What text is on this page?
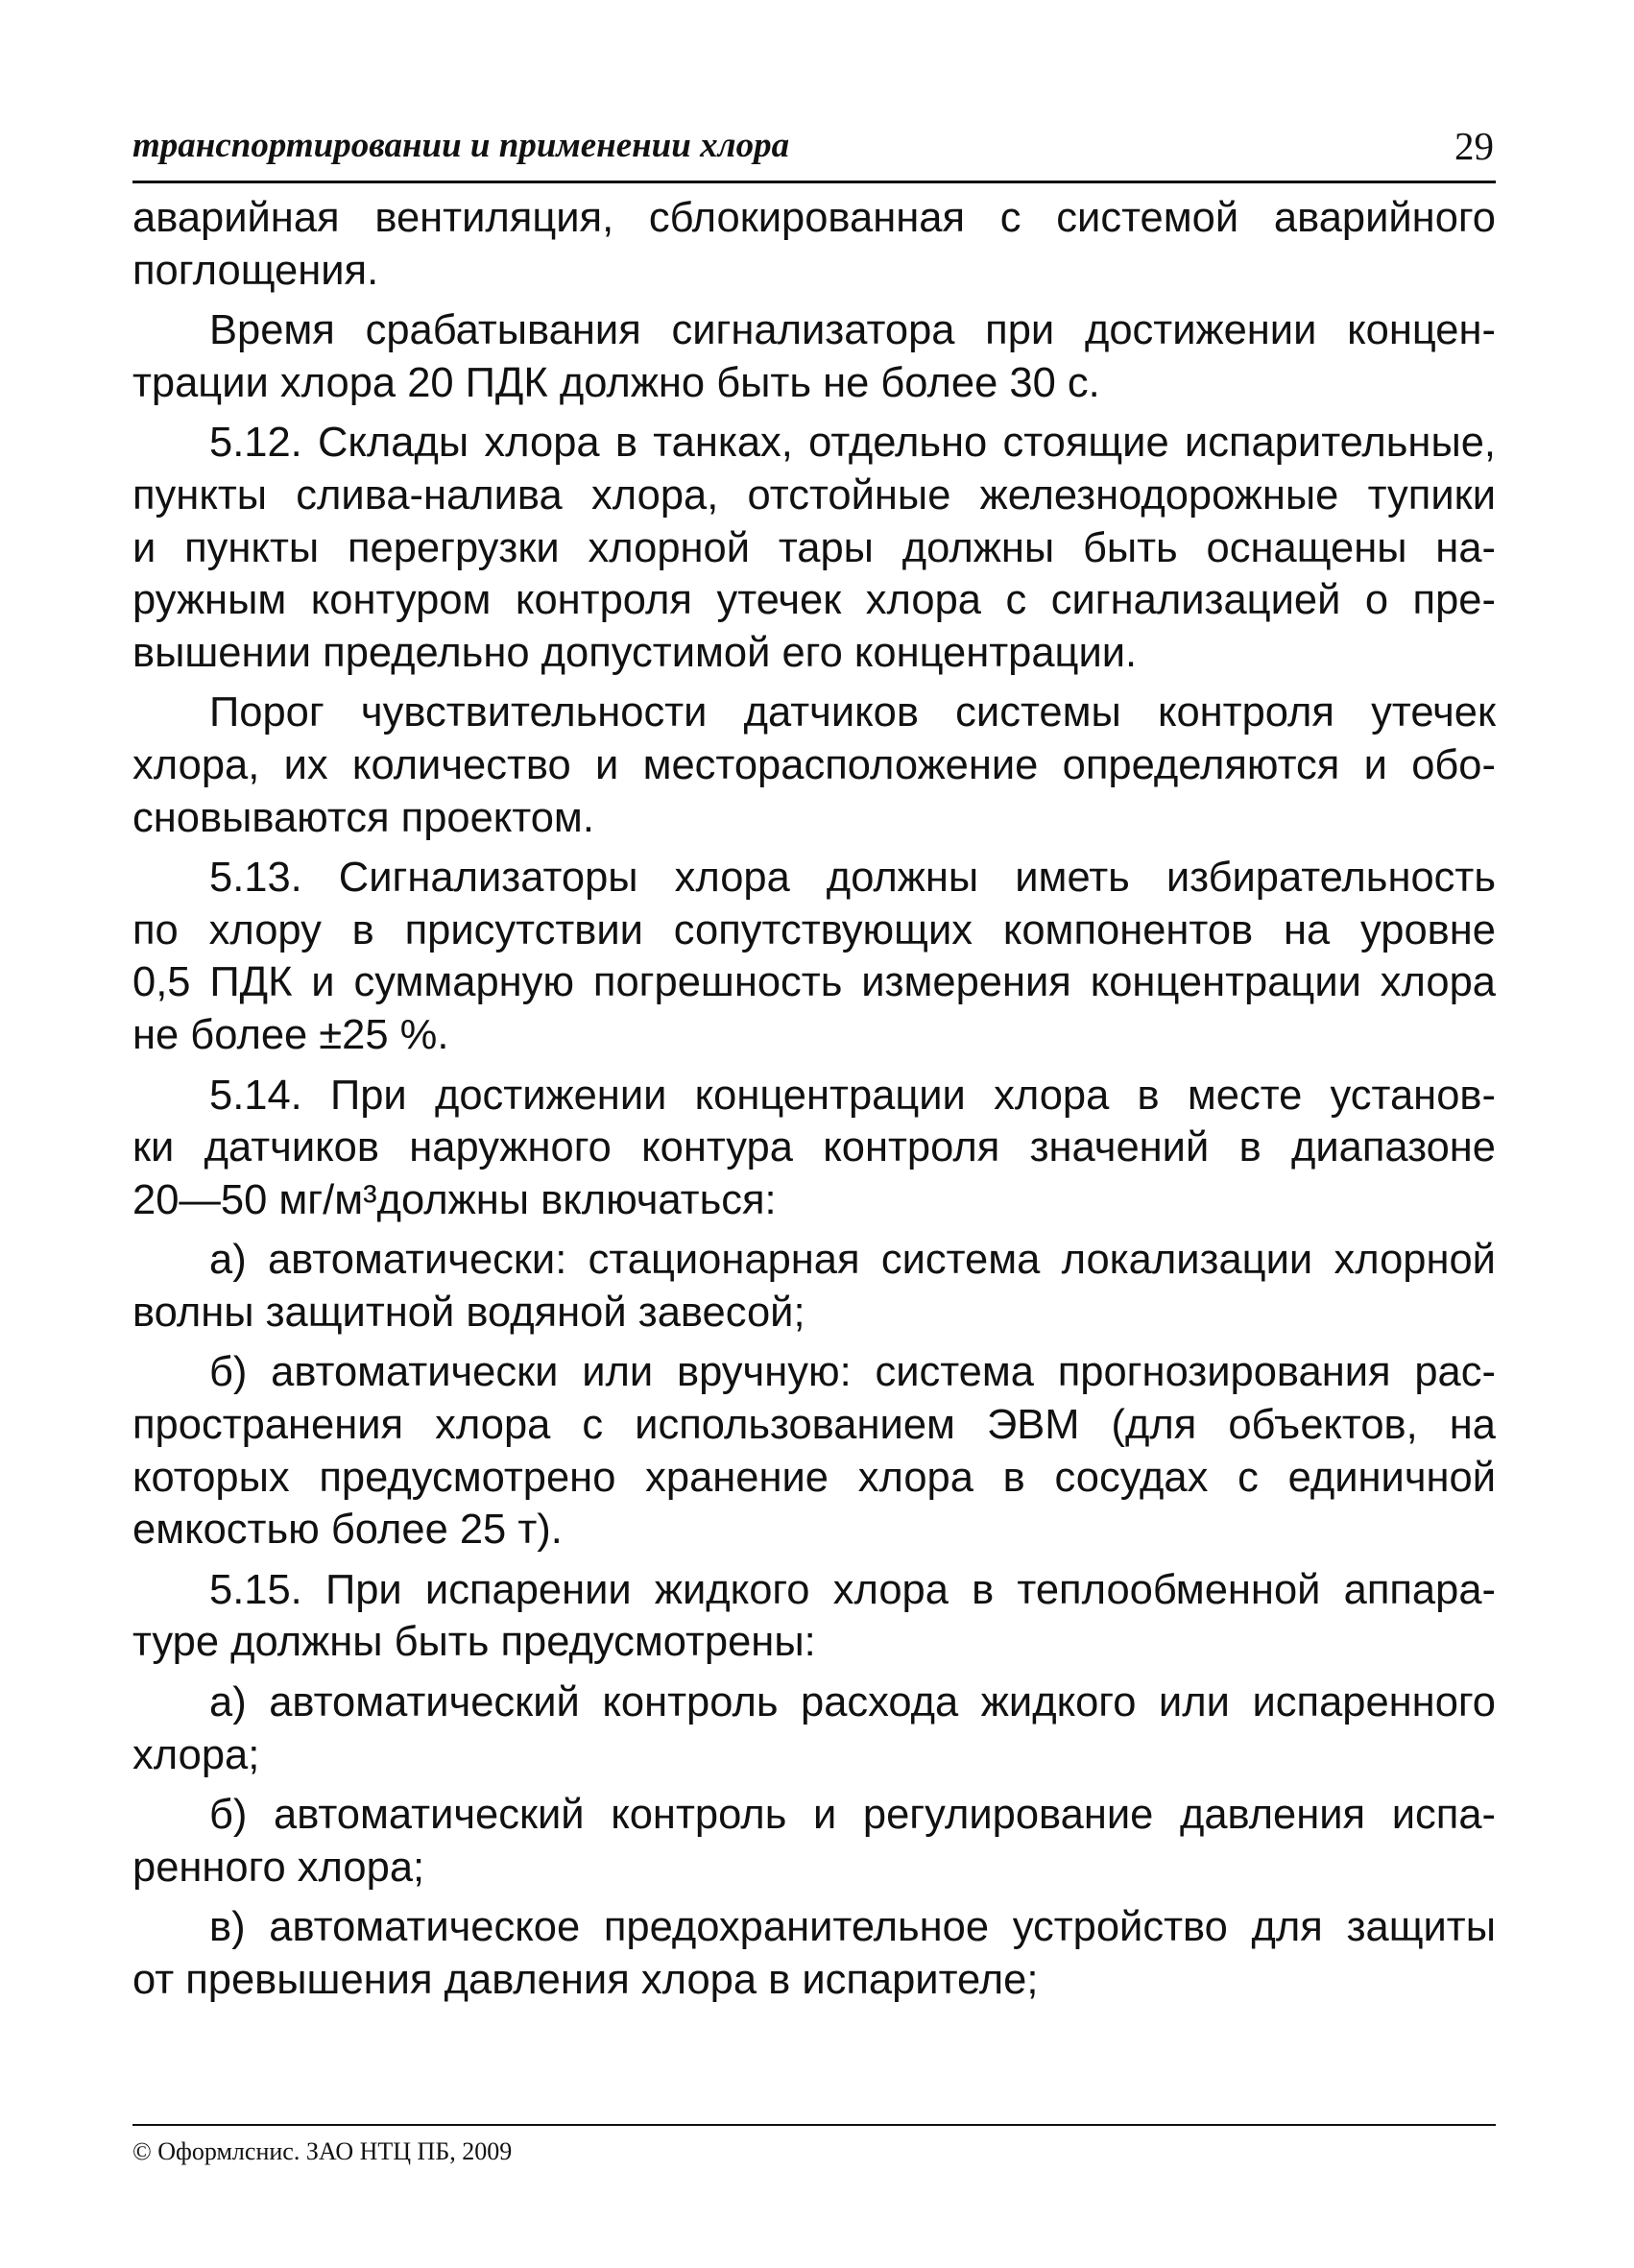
транспортировании и применении хлора	29
аварийная вентиляция, сблокированная с системой аварийного
поглощения.
Время срабатывания сигнализатора при достижении концен-
трации хлора 20 ПДК должно быть не более 30 с.
5.12. Склады хлора в танках, отдельно стоящие испарительные,
пункты слива-налива хлора, отстойные железнодорожные тупики
и пункты перегрузки хлорной тары должны быть оснащены на-
ружным контуром контроля утечек хлора с сигнализацией о пре-
вышении предельно допустимой его концентрации.
Порог чувствительности датчиков системы контроля утечек
хлора, их количество и месторасположение определяются и обо-
сновываются проектом.
5.13. Сигнализаторы хлора должны иметь избирательность
по хлору в присутствии сопутствующих компонентов на уровне
0,5 ПДК и суммарную погрешность измерения концентрации хлора
не более ±25 %.
5.14. При достижении концентрации хлора в месте установ-
ки датчиков наружного контура контроля значений в диапазоне
20—50 мг/м³должны включаться:
а) автоматически: стационарная система локализации хлорной
волны защитной водяной завесой;
б) автоматически или вручную: система прогнозирования рас-
пространения хлора с использованием ЭВМ (для объектов, на
которых предусмотрено хранение хлора в сосудах с единичной
емкостью более 25 т).
5.15. При испарении жидкого хлора в теплообменной аппара-
туре должны быть предусмотрены:
а) автоматический контроль расхода жидкого или испаренного
хлора;
б) автоматический контроль и регулирование давления испа-
ренного хлора;
в) автоматическое предохранительное устройство для защиты
от превышения давления хлора в испарителе;
© Оформлснис. ЗАО НТЦ ПБ, 2009
